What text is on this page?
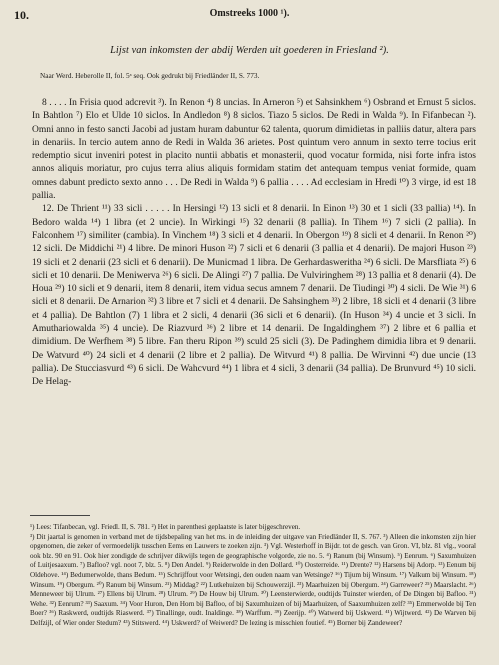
10.	Omstreeks 1000 ¹).
Lijst van inkomsten der abdij Werden uit goederen in Friesland ²).
Naar Werd. Heberolle II, fol. 5ᵃ seq. Ook gedrukt bij Friedländer II, S. 773.

8 . . . . In Frisia quod adcrevit ³). In Renon ⁴) 8 uncias. In Arneron ⁵) et Sahsinkhem ⁶) Osbrand et Ernust 5 siclos. In Bahtlon ⁷) Elo et Ulde 10 siclos. In Andledon ⁸) 8 siclos. Tiazo 5 siclos. De Redi in Walda ⁹). In Fifanbecan ²). Omni anno in festo sancti Jacobi ad justam huram dabuntur 62 talenta, quorum dimidietas in palliis datur, altera pars in denariis. In tercio autem anno de Redi in Walda 36 arietes. Post quintum vero annum in sexto terre tocius erit redemptio sicut inveniri potest in placito nuntii abbatis et monasterii, quod vocatur formida, nisi forte infra istos annos aliquis moriatur, pro cujus terra alius aliquis formidam statim det antequam tempus veniat formide, quam omnes dabunt predicto sexto anno . . . De Redi in Walda ⁹) 6 pallia . . . . Ad ecclesiam in Hredi ¹⁰) 3 virge, id est 18 pallia.

12. De Thrient ¹¹) 33 sicli . . . . . In Hersingi ¹²) 13 sicli et 8 denarii. In Einon ¹³) 30 et 1 sicli (33 pallia) ¹⁴). In Bedoro walda ¹⁴) 1 libra (et 2 uncie). In Wirkingi ¹⁵) 32 denarii (8 pallia). In Tihem ¹⁶) 7 sicli (2 pallia). In Falconhem ¹⁷) similiter (cambia). In Vinchem ¹⁸) 3 sicli et 4 denarii. In Obergon ¹⁹) 8 sicli et 4 denarii. In Renon ²⁰) 12 sicli. De Middichi ²¹) 4 libre. De minori Huson ²²) 7 sicli et 6 denarii (3 pallia et 4 denarii). De majori Huson ²³) 19 sicli et 2 denarii (23 sicli et 6 denarii). De Municmad 1 libra. De Gerhardasweritha ²⁴) 6 sicli. De Marsfliata ²⁵) 6 sicli et 10 denarii. De Meniwerva ²⁶) 6 sicli. De Alingi ²⁷) 7 pallia. De Vulviringhem ²⁸) 13 pallia et 8 denarii (4). De Houa ²⁹) 10 sicli et 9 denarii, item 8 denarii, item vidua secus amnem 7 denarii. De Tiudingi ³⁰) 4 sicli. De Wie ³¹) 6 sicli et 8 denarii. De Arnarion ³²) 3 libre et 7 sicli et 4 denarii. De Sahsinghem ³³) 2 libre, 18 sicli et 4 denarii (3 libre et 4 pallia). De Bahtlon (7) 1 libra et 2 sicli, 4 denarii (36 sicli et 6 denarii). (In Huson ³⁴) 4 uncie et 3 sicli. In Amuthariowalda ³⁵) 4 uncie). De Riazvurd ³⁶) 2 libre et 14 denarii. De Ingaldinghem ³⁷) 2 libre et 6 pallia et dimidium. De Werfhem ³⁸) 5 libre. Fan theru Ripon ³⁹) sculd 25 sicli (3). De Padinghem dimidia libra et 9 denarii. De Watvurd ⁴⁰) 24 sicli et 4 denarii (2 libre et 2 pallia). De Witvurd ⁴¹) 8 pallia. De Wirvinni ⁴²) due uncie (13 pallia). De Stucciasvurd ⁴³) 6 sicli. De Wahcvurd ⁴⁴) 1 libra et 4 sicli, 3 denarii (34 pallia). De Brunvurd ⁴⁵) 10 sicli. De Helag-

¹) Lees: Tifanbecan, vgl. Friedl. II, S. 781. ²) Het in parenthesi geplaatste is later bijgeschreven.

³) Dit jaartal is genomen in verband met de tijdsbepaling van het ms. in de inleiding der uitgave van Friedländer II, S. 767. ³) Alleen die inkomsten zijn hier opgenomen, die zeker of vermoedelijk tusschen Eems en Lauwers te zoeken zijn. ³) Vgl. Westerhoff in Bijdr. tot de gesch. van Gron. VI, blz. 81 vlg., vooral ook blz. 90 en 91. Ook hier zondigde de schrijver dikwijls tegen de geographische volgorde, zie no. 5. ⁴) Ranum (bij Winsum). ⁵) Eenrum. ⁶) Saxumhuizen of Luitjesaaxum. ⁷) Bafloo? vgl. noot 7, blz. 5. ⁸) Den Andel. ⁹) Reiderwolde in den Dollard. ¹⁰) Oosterreide. ¹¹) Drente? ¹²) Harsens bij Adorp. ¹³) Eenum bij Oldehove. ¹⁴) Bedumerwolde, thans Bedum. ¹⁵) Schrijffout voor Wetsingi, den ouden naam van Wetsinge? ¹⁶) Tijum bij Winsum. ¹⁷) Valkum bij Winsum. ¹⁸) Winsum. ¹⁹) Obergum. ²⁰) Ranum bij Winsum. ²¹) Middag? ²²) Lutkehuizen bij Schouwerzijl. ²³) Maarhuizen bij Obergum. ²⁴) Garreweer? ²⁵) Maarslacht. ²⁶) Menneweer bij Ulrum. ²⁷) Ellens bij Ulrum. ²⁸) Ulrum. ²⁹) De Houw bij Ulrum. ³⁰) Leensterwierde, oudtijds Tuinster wierden, of De Dingen bij Bafloo. ³¹) Wehe. ³²) Eenrum? ³³) Saaxum. ³⁴) Voor Huron, Den Horn bij Bafloo, of bij Saxumhuizen of bij Maarhuizen, of Saaxumhuizen zelf? ³⁵) Emmerwolde bij Ten Boer? ³⁶) Raskwerd, oudtijds Riaswerd. ³⁷) Tinallinge, oudt. Inaldinge. ³⁸) Warffum. ³⁹) Zeerijp. ⁴⁰) Watwerd bij Uskwerd. ⁴¹) Wijtwerd. ⁴²) De Warven bij Delfzijl, of Wier onder Stedum? ⁴³) Stitswerd. ⁴⁴) Uskwerd? of Weiwerd? De lezing is misschien foutief. ⁴⁵) Borner bij Zandeweer?
